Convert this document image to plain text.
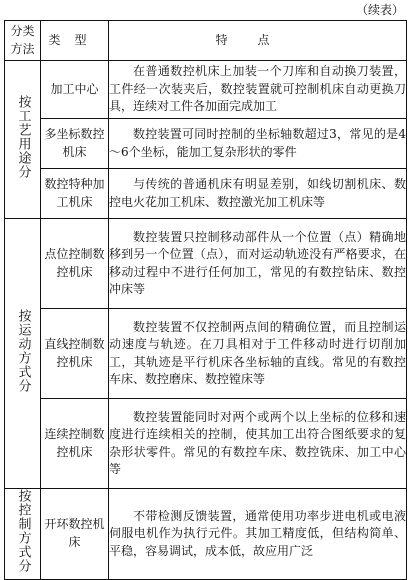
（续表）
分类方法	类型	特点
按工艺用途分	加工中心	在普通数控机床上加装一个刀库和自动换刀装置，工件经一次装夹后，数控装置就可控制机床自动更换刀具，连续对工件各加面完成加工
	多坐标数控机床	数控装置可同时控制的坐标轴数超过3，常见的是4～6个坐标，能加工复杂形状的零件
	数控特种加工机床	与传统的普通机床有明显差别，如线切割机床、数控电火花加工机床、数控激光加工机床等
按运动方式分	点位控制数控机床	数控装置只控制移动部件从一个位置（点）精确地移到另一个位置（点），而对运动轨迹没有严格要求，在移动过程中不进行任何加工，常见的有数控钻床、数控冲床等
	直线控制数控机床	数控装置不仅控制两点间的精确位置，而且控制运动速度与轨迹。在刀具相对于工件移动时进行切削加工，其轨迹是平行机床各坐标轴的直线。常见的有数控车床、数控磨床、数控镗床等
	连续控制数控机床	数控装置能同时对两个或两个以上坐标的位移和速度进行连续相关的控制，使其加工出符合图纸要求的复杂形状零件。常见的有数控车床、数控铣床、加工中心等
按控制方式分	开环数控机床	不带检测反馈装置，通常使用功率步进电机或电液伺服电机作为执行元件。其加工精度低，但结构简单、平稳，容易调试，成本低，故应用广泛
